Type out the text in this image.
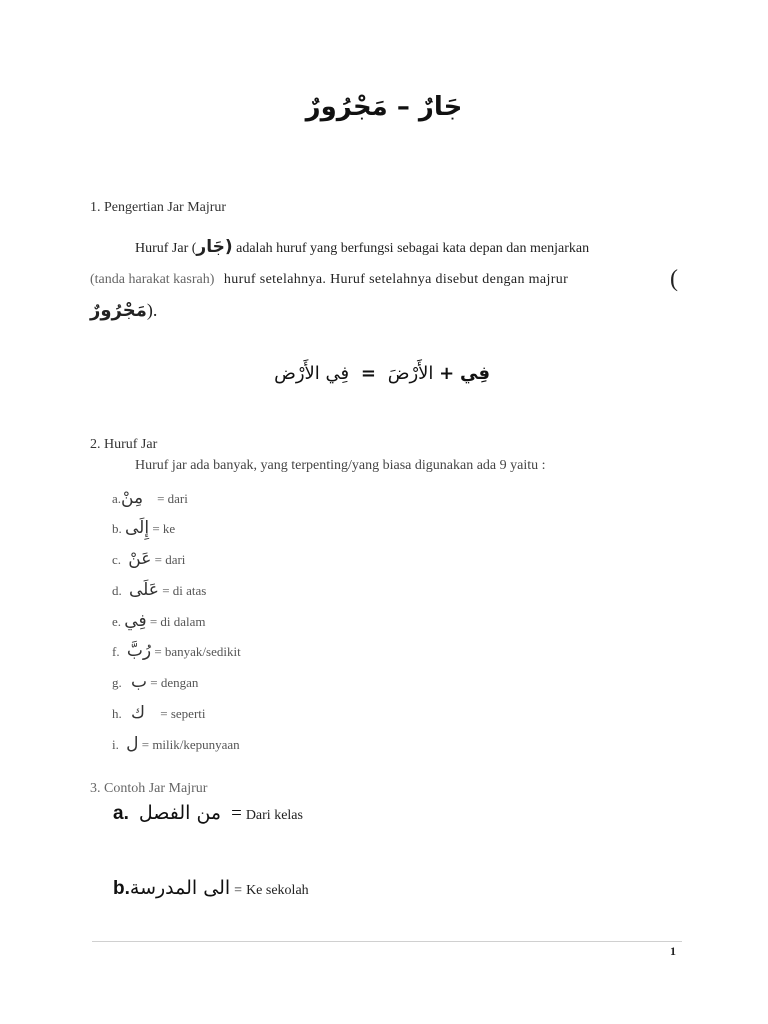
جَارٌ – مَجْرُورٌ
1. Pengertian Jar Majrur
Huruf Jar (جَار) adalah huruf yang berfungsi sebagai kata depan dan menjarkan
(tanda harakat kasrah) huruf setelahnya. Huruf setelahnya disebut dengan majrur	(
مَجْرُورٌ).
فِي + الأَرْضَ = فِي الأَرْض
2. Huruf Jar
Huruf jar ada banyak, yang terpenting/yang biasa digunakan ada 9 yaitu :
a.مِنْ = dari
b. إِلَى = ke
c. عَنْ = dari
d. عَلَى = di atas
e. فِي = di dalam
f. رُبَّ = banyak/sedikit
g. ب = dengan
h. ك = seperti
i. ل = milik/kepunyaan
3. Contoh Jar Majrur
a. من الفصل = Dari kelas
b.الى المدرسة = Ke sekolah
1
